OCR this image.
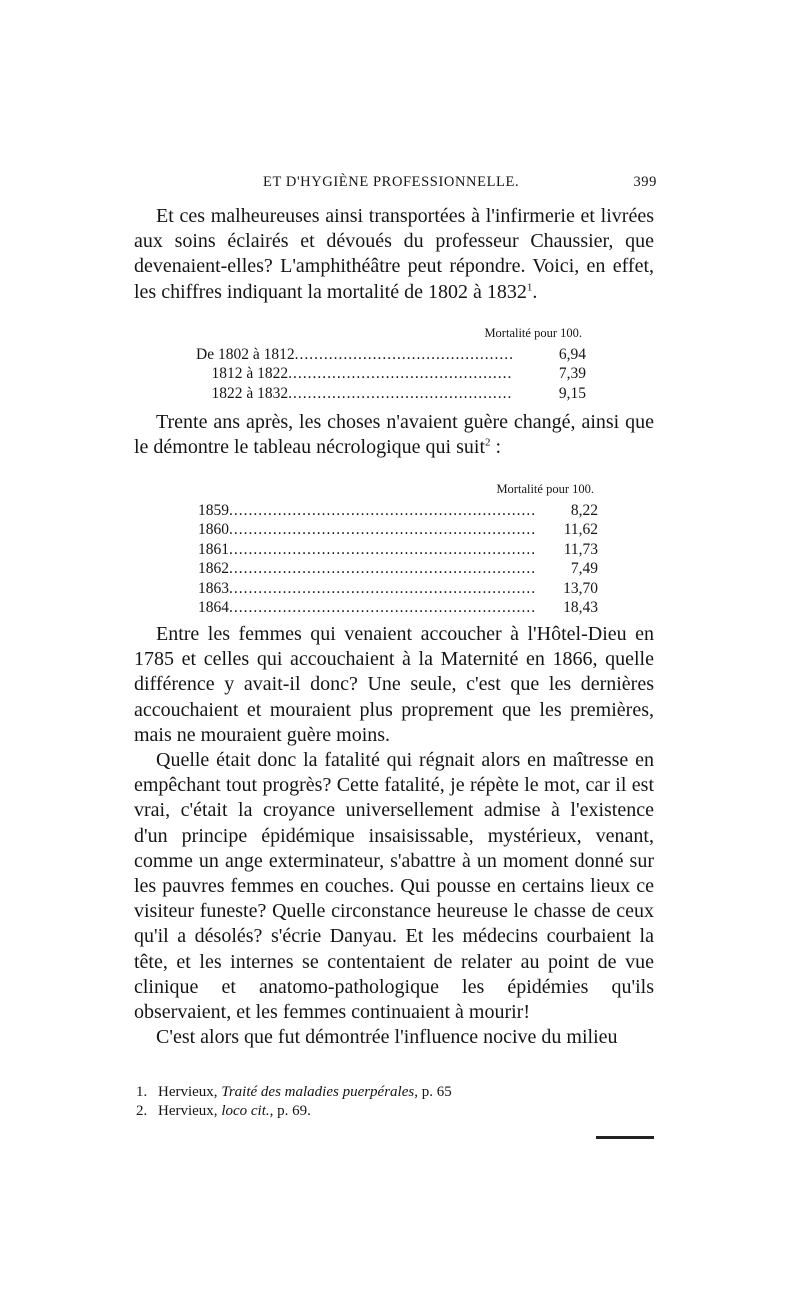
ET D'HYGIÈNE PROFESSIONNELLE.	399

Et ces malheureuses ainsi transportées à l'infirmerie et livrées aux soins éclairés et dévoués du professeur Chaussier, que devenaient-elles? L'amphithéâtre peut répondre. Voici, en effet, les chiffres indiquant la mortalité de 1802 à 1832$^1$.

Mortalité pour 100.
De 1802 à 1812 .....	6,94
1812 à 1822 .....	7,39
1822 à 1832 .....	9,15

Trente ans après, les choses n'avaient guère changé, ainsi que le démontre le tableau nécrologique qui suit$^2$ :

Mortalité pour 100.
1859 .....	8,22
1860 .....	11,62
1861 .....	11,73
1862 .....	7,49
1863 .....	13,70
1864 .....	18,43

Entre les femmes qui venaient accoucher à l'Hôtel-Dieu en 1785 et celles qui accouchaient à la Maternité en 1866, quelle différence y avait-il donc? Une seule, c'est que les dernières accouchaient et mouraient plus proprement que les premières, mais ne mouraient guère moins.

Quelle était donc la fatalité qui régnait alors en maîtresse en empêchant tout progrès? Cette fatalité, je répète le mot, car il est vrai, c'était la croyance universellement admise à l'existence d'un principe épidémique insaisissable, mystérieux, venant, comme un ange exterminateur, s'abattre à un moment donné sur les pauvres femmes en couches. Qui pousse en certains lieux ce visiteur funeste? Quelle circonstance heureuse le chasse de ceux qu'il a désolés? s'écrie Danyau. Et les médecins courbaient la tête, et les internes se contentaient de relater au point de vue clinique et anatomo-pathologique les épidémies qu'ils observaient, et les femmes continuaient à mourir!

C'est alors que fut démontrée l'influence nocive du milieu

1. Hervieux, Traité des maladies puerpérales, p. 65
2. Hervieux, loco cit., p. 69.
